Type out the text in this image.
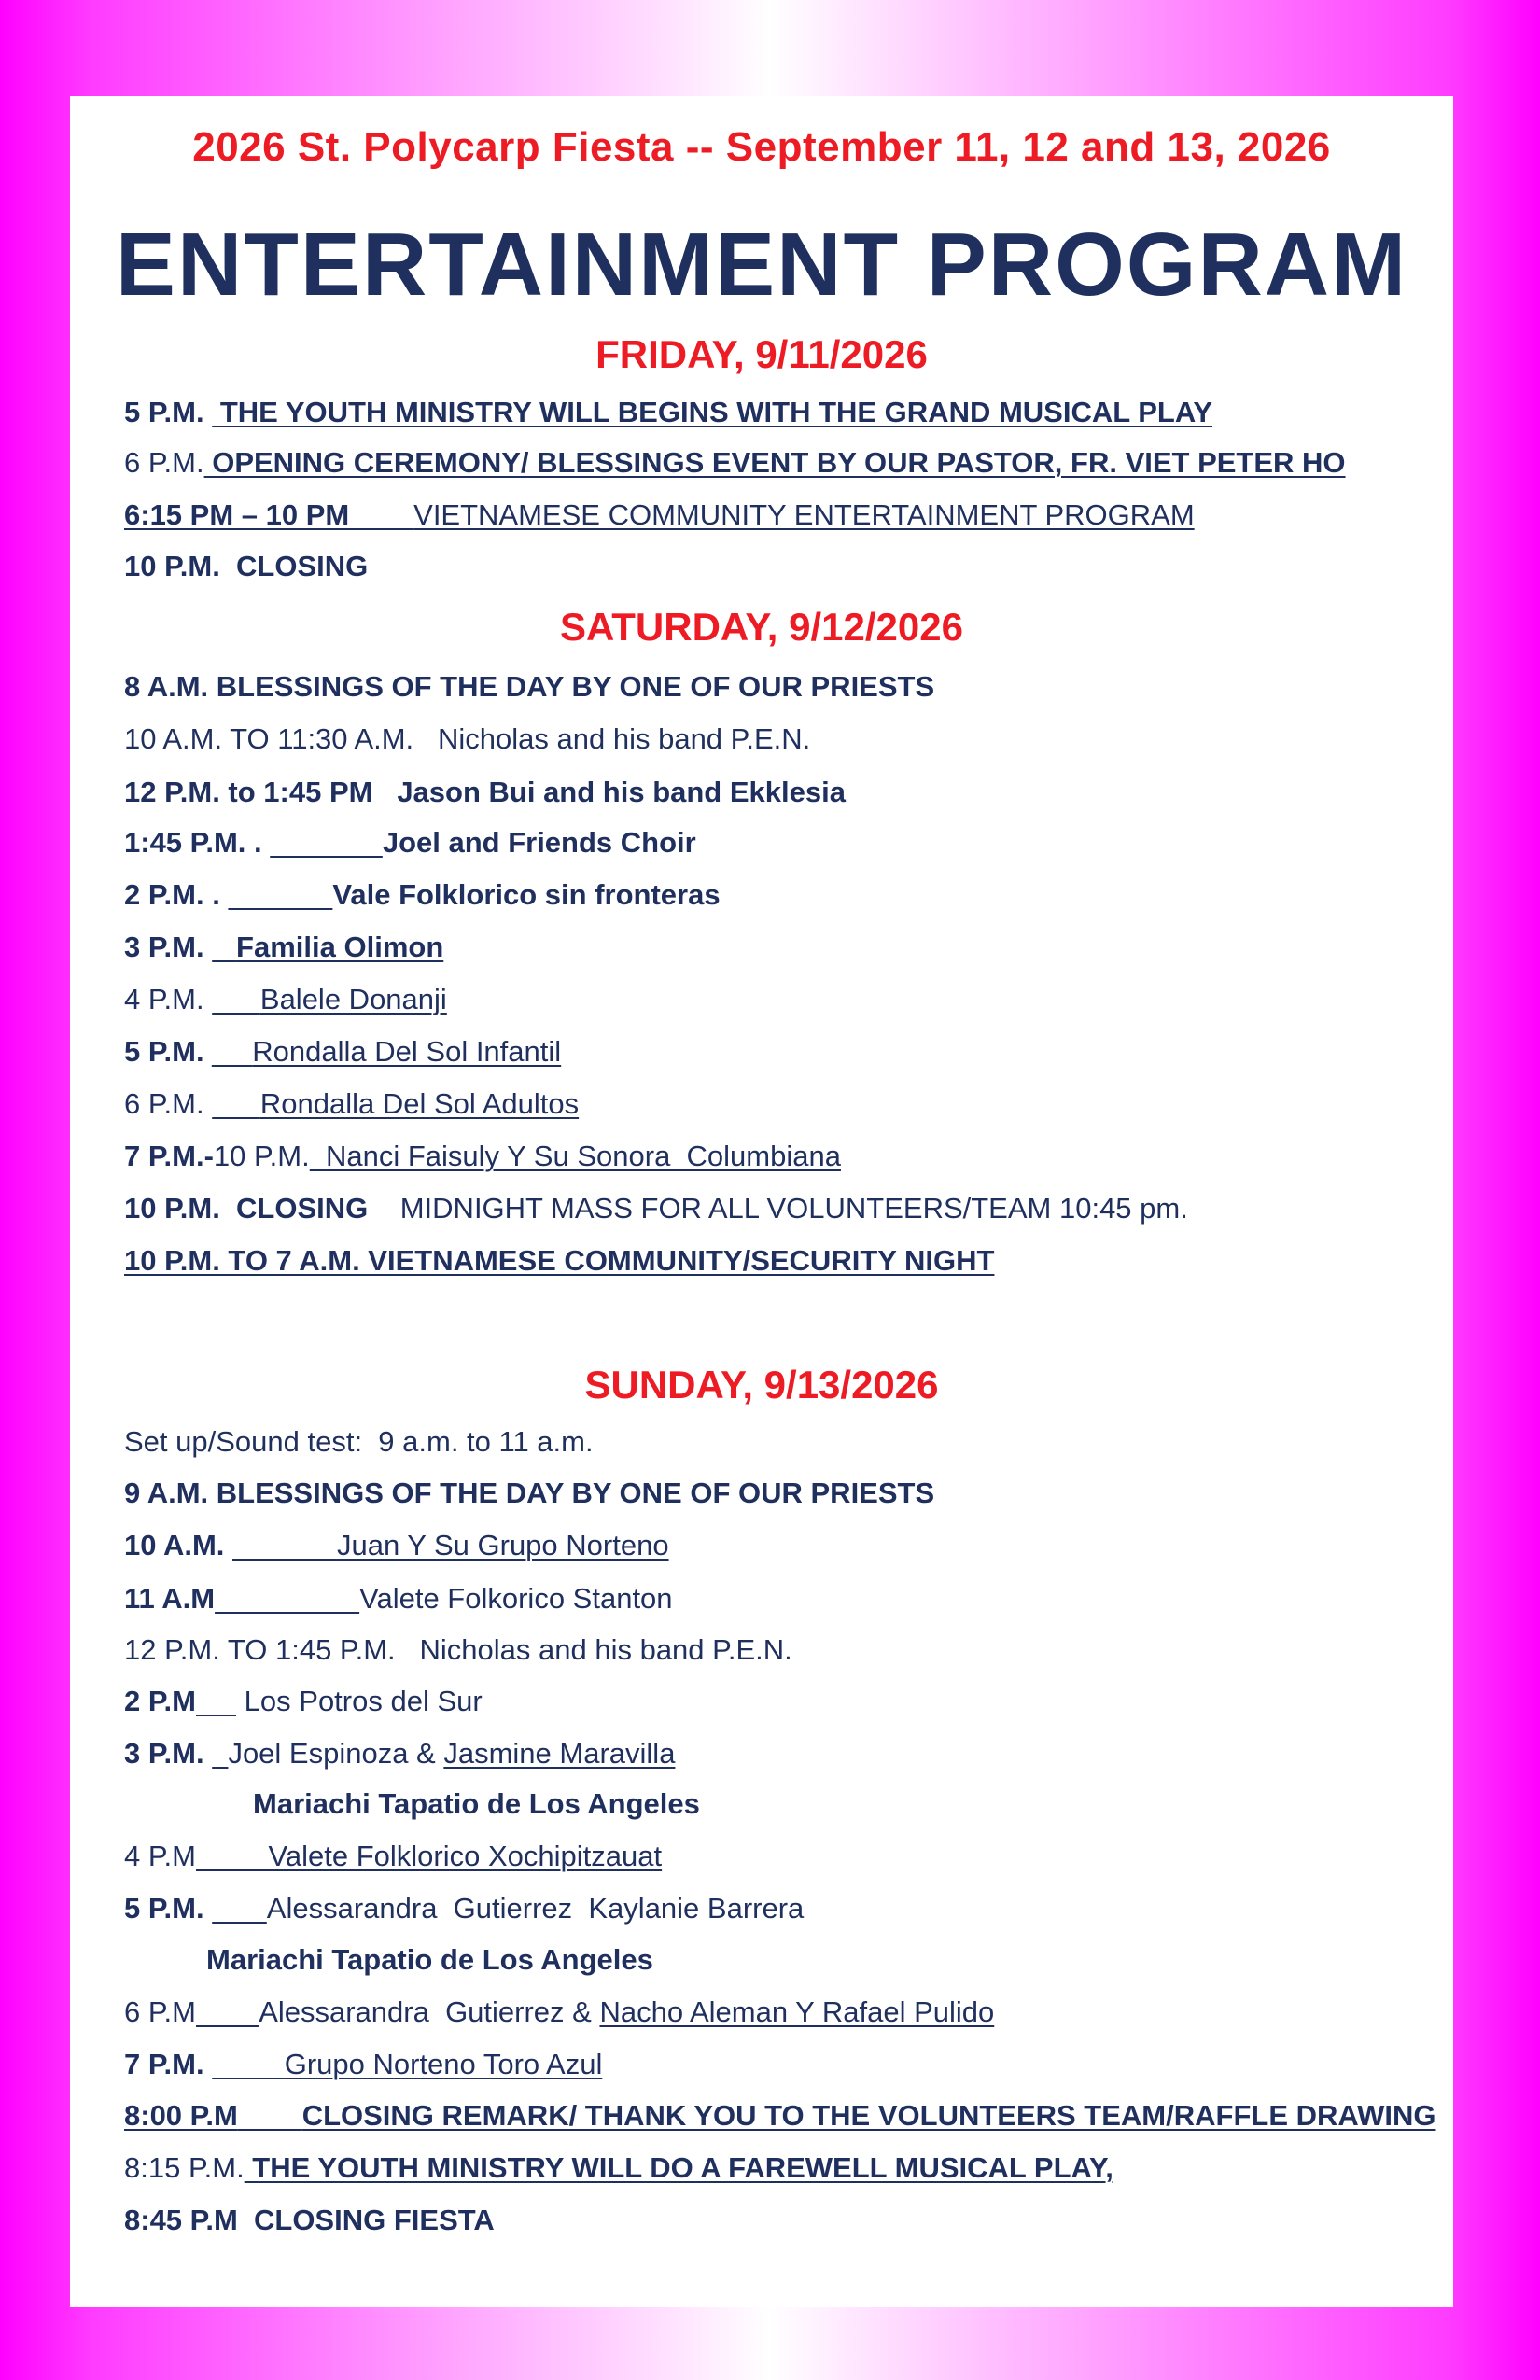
2026 St. Polycarp Fiesta -- September 11, 12 and 13, 2026
ENTERTAINMENT PROGRAM
FRIDAY, 9/11/2026
5 P.M.  THE YOUTH MINISTRY WILL BEGINS WITH THE GRAND MUSICAL PLAY
6 P.M. OPENING CEREMONY/ BLESSINGS EVENT BY OUR PASTOR, FR. VIET PETER HO
6:15 PM – 10 PM        VIETNAMESE COMMUNITY ENTERTAINMENT PROGRAM
10 P.M.  CLOSING
SATURDAY, 9/12/2026
8 A.M. BLESSINGS OF THE DAY BY ONE OF OUR PRIESTS
10 A.M. TO 11:30 A.M. Nicholas and his band P.E.N.
12 P.M. to 1:45 PM Jason Bui and his band Ekklesia
1:45 P.M. .	Joel and Friends Choir
2 P.M. .	Vale Folklorico sin fronteras
3 P.M.    Familia Olimon
4 P.M.       Balele Donanji
5 P.M. _   Rondalla Del Sol Infantil
6 P.M.       Rondalla Del Sol Adultos
7 P.M.-10 P.M. Nanci Faisuly Y Su Sonora  Columbiana
10 P.M.  CLOSING MIDNIGHT MASS FOR ALL VOLUNTEERS/TEAM 10:45 pm.
10 P.M. TO 7 A.M. VIETNAMESE COMMUNITY/SECURITY NIGHT
SUNDAY, 9/13/2026
Set up/Sound test:  9 a.m. to 11 a.m.
9 A.M. BLESSINGS OF THE DAY BY ONE OF OUR PRIESTS
10 A.M.	Juan Y Su Grupo Norteno
11 A.M	Valete Folkorico Stanton
12 P.M. TO 1:45 P.M. Nicholas and his band P.E.N.
2 P.M      Los Potros del Sur
3 P.M.   Joel Espinoza & Jasmine Maravilla
Mariachi Tapatio de Los Angeles
4 P.M	Valete Folklorico Xochipitzauat
5 P.M.        Alessarandra  Gutierrez  Kaylanie Barrera
Mariachi Tapatio de Los Angeles
6 P.M Alessarandra  Gutierrez & Nacho Aleman Y Rafael Pulido
7 P.M.	Grupo Norteno Toro Azul
8:00 P.M CLOSING REMARK/ THANK YOU TO THE VOLUNTEERS TEAM/RAFFLE DRAWING
8:15 P.M. THE YOUTH MINISTRY WILL DO A FAREWELL MUSICAL PLAY,
8:45 P.M  CLOSING FIESTA
